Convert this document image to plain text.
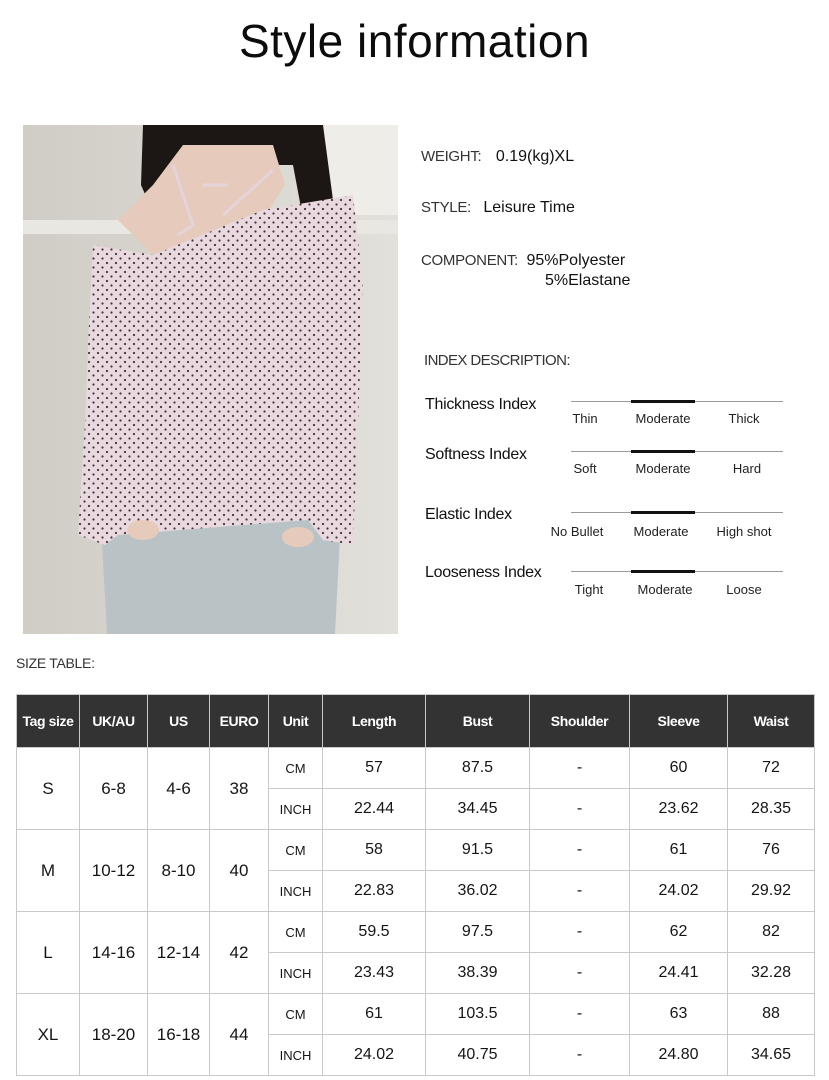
Style information
WEIGHT: 0.19(kg)XL
STYLE: Leisure Time
COMPONENT: 95%Polyester
5%Elastane
INDEX DESCRIPTION:
Thickness Index
Thin	Moderate	Thick
Softness Index
Soft	Moderate	Hard
Elastic Index
No Bullet Moderate High shot
Looseness Index
Tight	Moderate	Loose
SIZE TABLE:
Tag size	UK/AU	US	EURO	Unit	Length	Bust	Shoulder	Sleeve	Waist
S	6-8	4-6	38	CM	57	87.5	-	60	72
				INCH	22.44	34.45	-	23.62	28.35
M	10-12	8-10	40	CM	58	91.5	-	61	76
				INCH	22.83	36.02	-	24.02	29.92
L	14-16	12-14	42	CM	59.5	97.5	-	62	82
				INCH	23.43	38.39	-	24.41	32.28
XL	18-20	16-18	44	CM	61	103.5	-	63	88
				INCH	24.02	40.75	-	24.80	34.65
